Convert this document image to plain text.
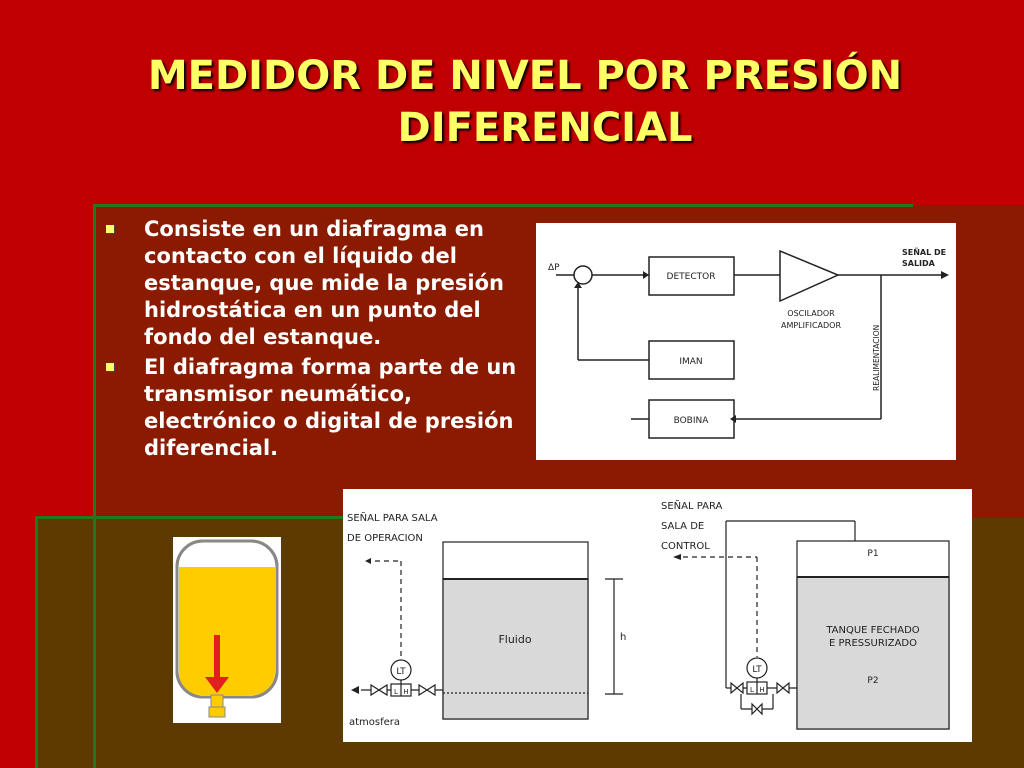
MEDIDOR DE NIVEL POR PRESIÓN
DIFERENCIAL
Consiste en un diafragma en contacto con el líquido del estanque, que mide la presión hidrostática en un punto del fondo del estanque.
El diafragma forma parte de un transmisor neumático, electrónico o digital de presión diferencial.
ΔP
DETECTOR
OSCILADOR
AMPLIFICADOR
SEÑAL DE
SALIDA
REALIMENTACION
IMAN
BOBINA
SEÑAL PARA SALA
DE OPERACION
Fluido	h
LT
L H
atmosfera
SEÑAL PARA
SALA DE
CONTROL
P1
TANQUE FECHADO
E PRESSURIZADO
P2
LT
L H
